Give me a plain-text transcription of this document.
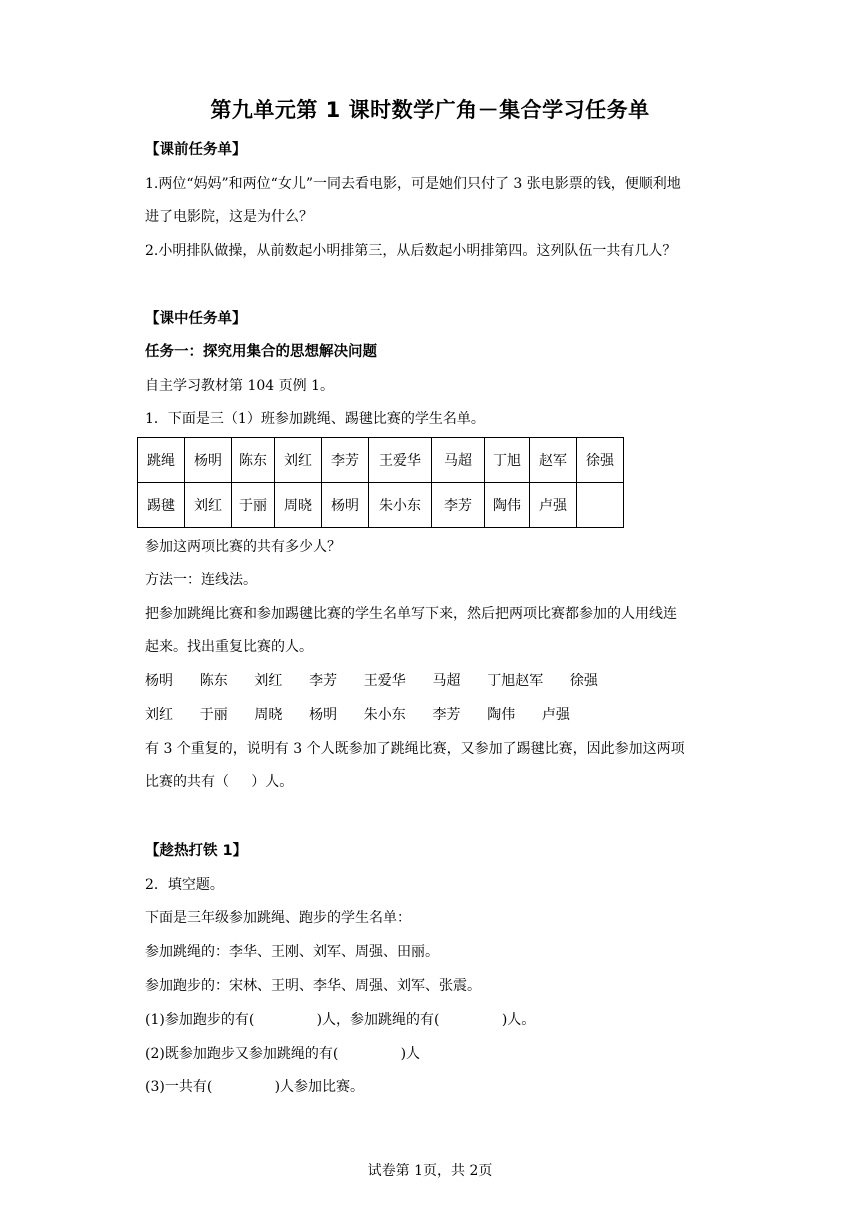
第九单元第 1 课时数学广角－集合学习任务单
【课前任务单】
1.两位“妈妈”和两位“女儿”一同去看电影，可是她们只付了 3 张电影票的钱，便顺利地
进了电影院，这是为什么？
2.小明排队做操，从前数起小明排第三，从后数起小明排第四。这列队伍一共有几人？
【课中任务单】
任务一：探究用集合的思想解决问题
自主学习教材第 104 页例 1。
1．下面是三（1）班参加跳绳、踢毽比赛的学生名单。
跳绳	杨明	陈东	刘红	李芳	王爱华	马超	丁旭	赵军	徐强
踢毽	刘红	于丽	周晓	杨明	朱小东	李芳	陶伟	卢强	
参加这两项比赛的共有多少人？
方法一：连线法。
把参加跳绳比赛和参加踢毽比赛的学生名单写下来，然后把两项比赛都参加的人用线连
起来。找出重复比赛的人。
杨明      陈东      刘红      李芳      王爱华      马超      丁旭赵军      徐强
刘红      于丽      周晓      杨明      朱小东      李芳      陶伟      卢强
有 3 个重复的，说明有 3 个人既参加了跳绳比赛，又参加了踢毽比赛，因此参加这两项
比赛的共有（     ）人。
【趁热打铁 1】
2．填空题。
下面是三年级参加跳绳、跑步的学生名单：
参加跳绳的：李华、王刚、刘军、周强、田丽。
参加跑步的：宋林、王明、李华、周强、刘军、张震。
(1)参加跑步的有(              )人，参加跳绳的有(              )人。
(2)既参加跑步又参加跳绳的有(              )人
(3)一共有(              )人参加比赛。
试卷第 1页，共 2页
